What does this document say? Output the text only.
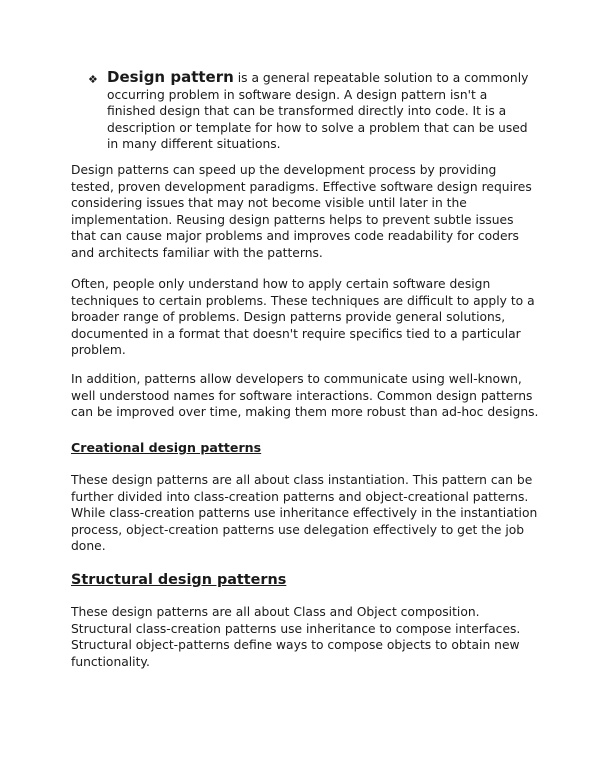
❖ Design pattern is a general repeatable solution to a commonly occurring problem in software design. A design pattern isn't a finished design that can be transformed directly into code. It is a description or template for how to solve a problem that can be used in many different situations.

Design patterns can speed up the development process by providing tested, proven development paradigms. Effective software design requires considering issues that may not become visible until later in the implementation. Reusing design patterns helps to prevent subtle issues that can cause major problems and improves code readability for coders and architects familiar with the patterns.

Often, people only understand how to apply certain software design techniques to certain problems. These techniques are difficult to apply to a broader range of problems. Design patterns provide general solutions, documented in a format that doesn't require specifics tied to a particular problem.

In addition, patterns allow developers to communicate using well-known, well understood names for software interactions. Common design patterns can be improved over time, making them more robust than ad-hoc designs.

Creational design patterns

These design patterns are all about class instantiation. This pattern can be further divided into class-creation patterns and object-creational patterns. While class-creation patterns use inheritance effectively in the instantiation process, object-creation patterns use delegation effectively to get the job done.

Structural design patterns

These design patterns are all about Class and Object composition. Structural class-creation patterns use inheritance to compose interfaces. Structural object-patterns define ways to compose objects to obtain new functionality.
